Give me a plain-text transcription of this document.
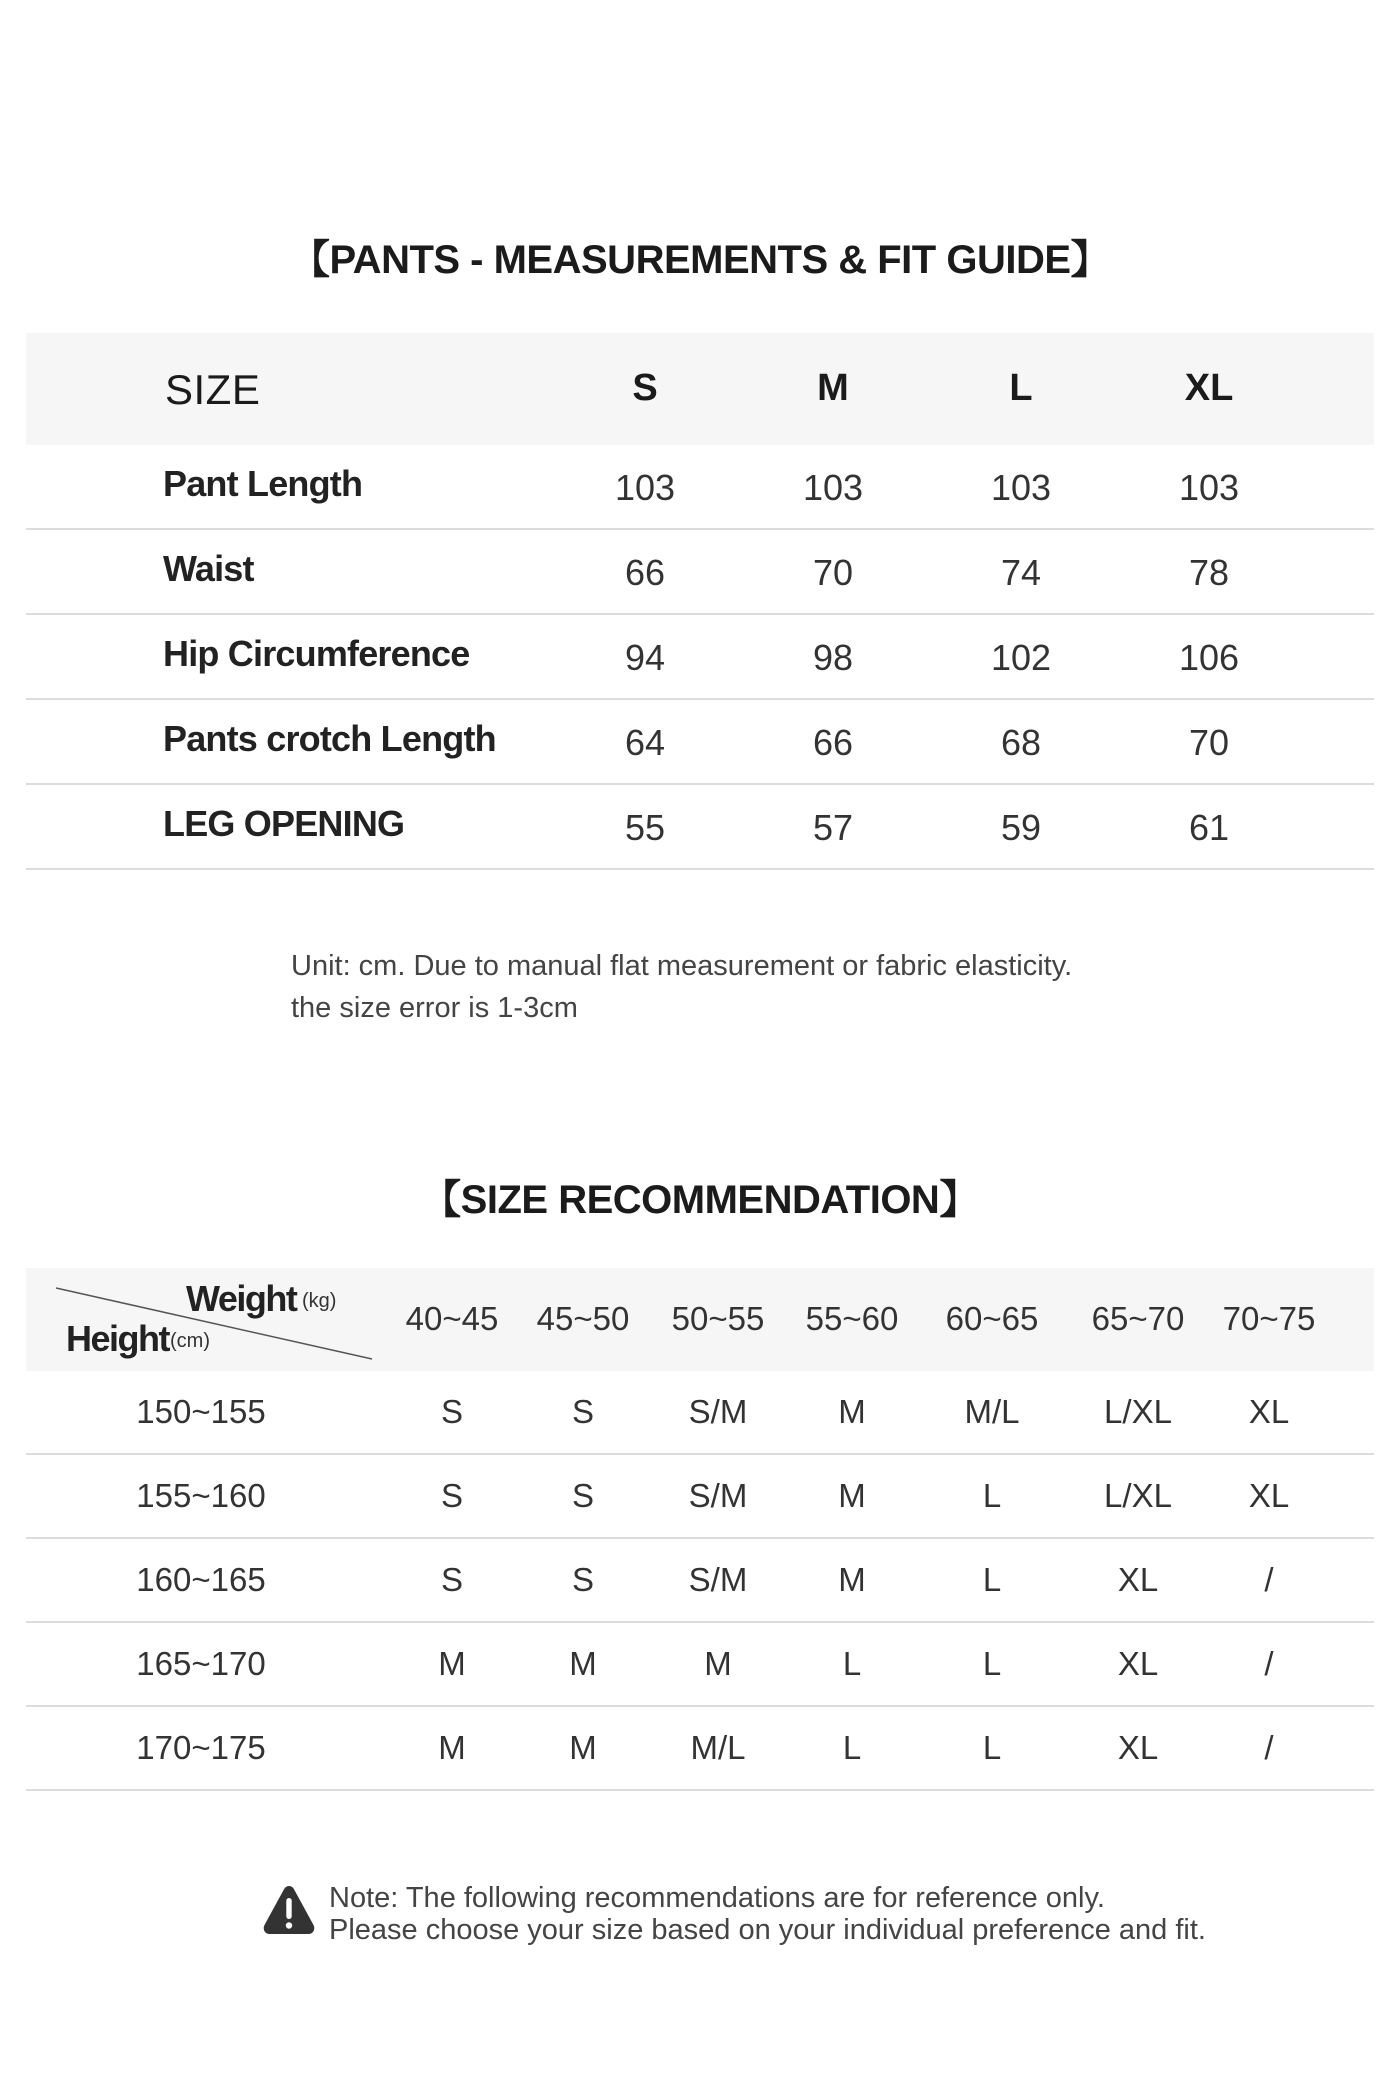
【PANTS - MEASUREMENTS & FIT GUIDE】
SIZE	S	M	L	XL
Pant Length	103	103	103	103
Waist	66	70	74	78
Hip Circumference	94	98	102	106
Pants crotch Length	64	66	68	70
LEG OPENING	55	57	59	61
Unit: cm. Due to manual flat measurement or fabric elasticity.
the size error is 1-3cm
【SIZE RECOMMENDATION】
Weight (kg)
Height (cm)
40~45	45~50	50~55	55~60	60~65	65~70	70~75
150~155	S	S	S/M	M	M/L	L/XL	XL
155~160	S	S	S/M	M	L	L/XL	XL
160~165	S	S	S/M	M	L	XL	/
165~170	M	M	M	L	L	XL	/
170~175	M	M	M/L	L	L	XL	/
Note: The following recommendations are for reference only.
Please choose your size based on your individual preference and fit.
